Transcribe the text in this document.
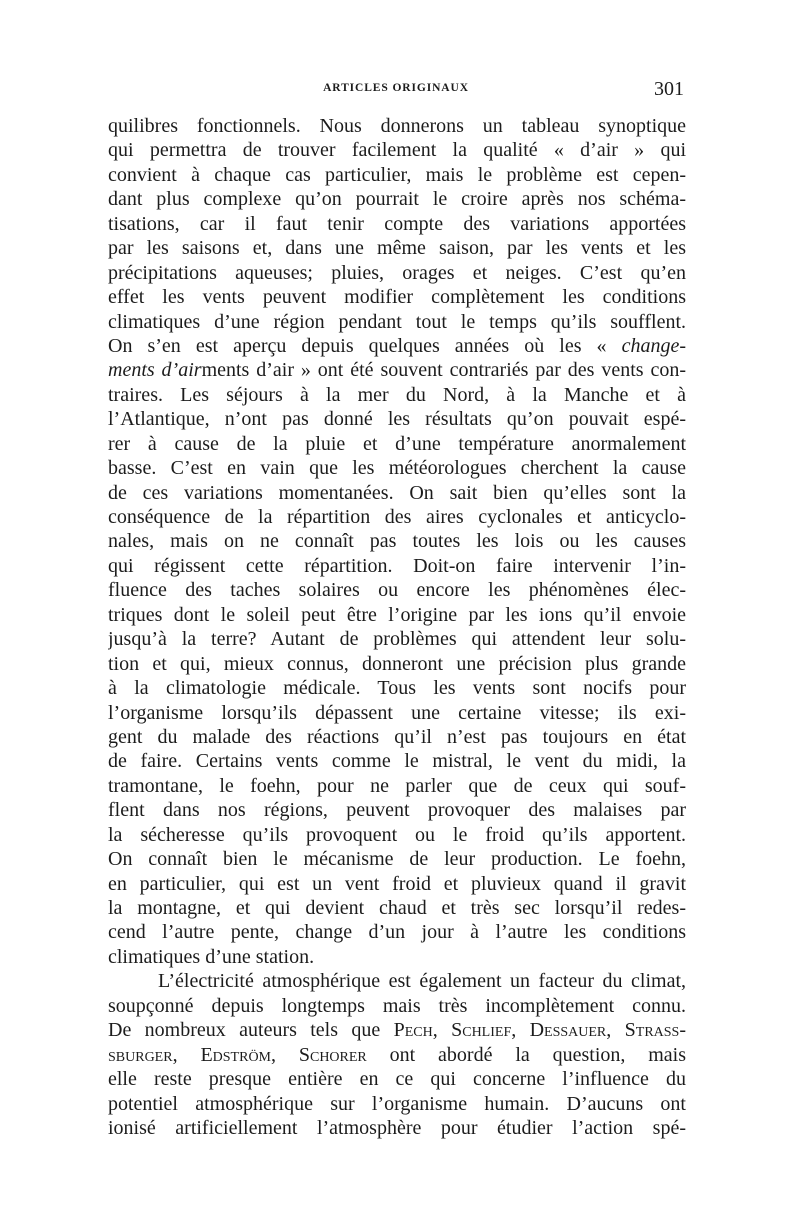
ARTICLES ORIGINAUX	301
quilibres fonctionnels. Nous donnerons un tableau synoptique
qui permettra de trouver facilement la qualité « d’air » qui
convient à chaque cas particulier, mais le problème est cepen-
dant plus complexe qu’on pourrait le croire après nos schéma-
tisations, car il faut tenir compte des variations apportées
par les saisons et, dans une même saison, par les vents et les
précipitations aqueuses; pluies, orages et neiges. C’est qu’en
effet les vents peuvent modifier complètement les conditions
climatiques d’une région pendant tout le temps qu’ils soufflent.
On s’en est aperçu depuis quelques années où les « change-
ments d’airments d’air » ont été souvent contrariés par des vents con-
traires. Les séjours à la mer du Nord, à la Manche et à
l’Atlantique, n’ont pas donné les résultats qu’on pouvait espé-
rer à cause de la pluie et d’une température anormalement
basse. C’est en vain que les météorologues cherchent la cause
de ces variations momentanées. On sait bien qu’elles sont la
conséquence de la répartition des aires cyclonales et anticyclo-
nales, mais on ne connaît pas toutes les lois ou les causes
qui régissent cette répartition. Doit-on faire intervenir l’in-
fluence des taches solaires ou encore les phénomènes élec-
triques dont le soleil peut être l’origine par les ions qu’il envoie
jusqu’à la terre? Autant de problèmes qui attendent leur solu-
tion et qui, mieux connus, donneront une précision plus grande
à la climatologie médicale. Tous les vents sont nocifs pour
l’organisme lorsqu’ils dépassent une certaine vitesse; ils exi-
gent du malade des réactions qu’il n’est pas toujours en état
de faire. Certains vents comme le mistral, le vent du midi, la
tramontane, le foehn, pour ne parler que de ceux qui souf-
flent dans nos régions, peuvent provoquer des malaises par
la sécheresse qu’ils provoquent ou le froid qu’ils apportent.
On connaît bien le mécanisme de leur production. Le foehn,
en particulier, qui est un vent froid et pluvieux quand il gravit
la montagne, et qui devient chaud et très sec lorsqu’il redes-
cend l’autre pente, change d’un jour à l’autre les conditions
climatiques d’une station.
L’électricité atmosphérique est également un facteur du climat,
soupçonné depuis longtemps mais très incomplètement connu.
De nombreux auteurs tels que Pech, Schlief, Dessauer, Strass-
sburger, Edström, Schorer ont abordé la question, mais
elle reste presque entière en ce qui concerne l’influence du
potentiel atmosphérique sur l’organisme humain. D’aucuns ont
ionisé artificiellement l’atmosphère pour étudier l’action spé-
